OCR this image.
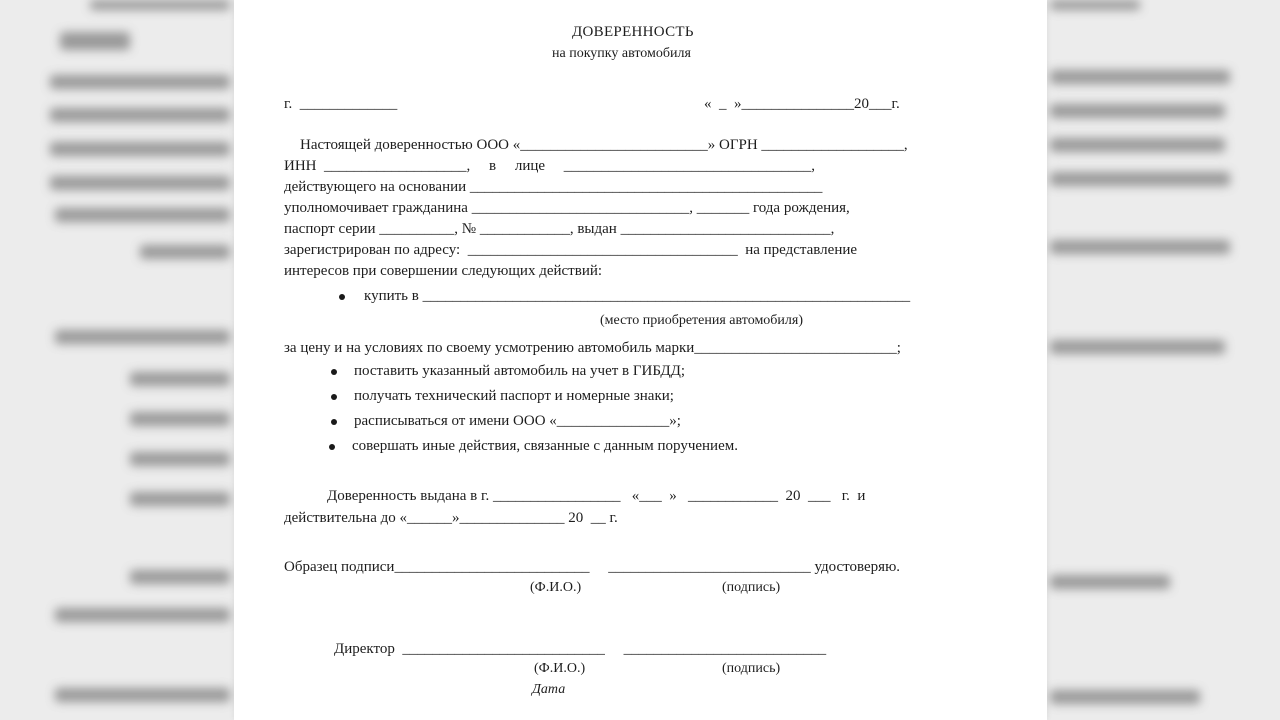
ДОВЕРЕННОСТЬ
на покупку автомобиля
г.  _____________	«  _  »_______________20___г.
Настоящей доверенностью ООО «_________________________» ОГРН ___________________,
ИНН  ___________________,     в     лице     _________________________________,
действующего на основании _______________________________________________
уполномочивает гражданина _____________________________, _______ года рождения,
паспорт серии __________, № ____________, выдан ____________________________,
зарегистрирован по адресу:  ____________________________________  на представление
интересов при совершении следующих действий:
купить в _________________________________________________________________
(место приобретения автомобиля)
за цену и на условиях по своему усмотрению автомобиль марки___________________________;
поставить указанный автомобиль на учет в ГИБДД;
получать технический паспорт и номерные знаки;
расписываться от имени ООО «_______________»;
совершать иные действия, связанные с данным поручением.
Доверенность выдана в г. _________________   «___  »   ____________  20  ___   г.  и
действительна до «______»______________ 20  __ г.
Образец подписи__________________________     ___________________________ удостоверяю.
(Ф.И.О.)	(подпись)
Директор  ___________________________     ___________________________
(Ф.И.О.)	(подпись)
Дата
